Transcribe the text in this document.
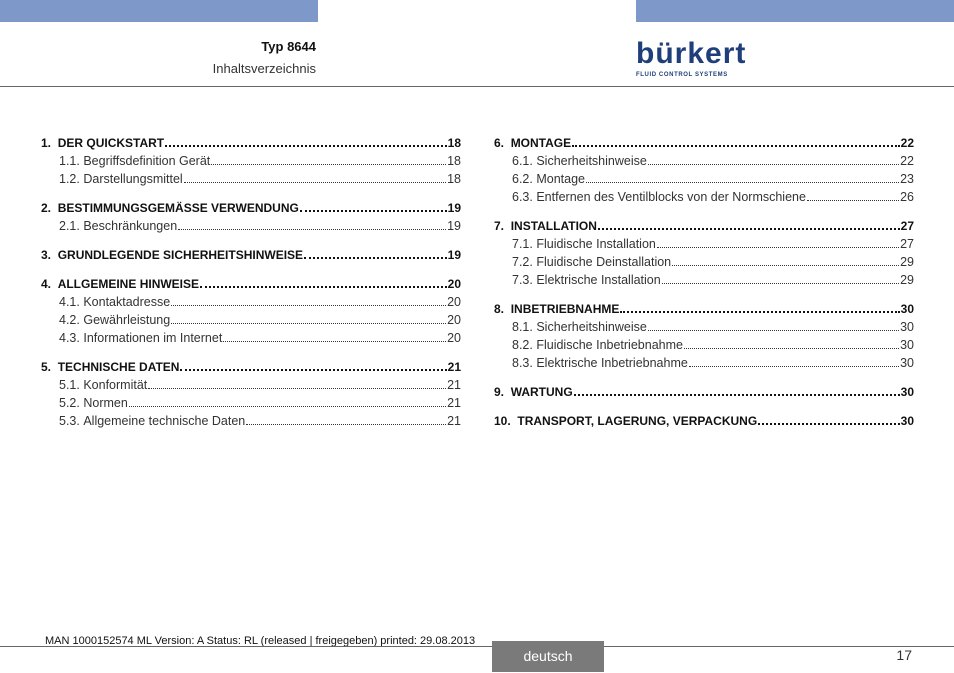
Typ 8644
Inhaltsverzeichnis	bürkert
FLUID CONTROL SYSTEMS
1.
DER QUICKSTART	18
1.1.
Begriffsdefinition Gerät	18
1.2.
Darstellungsmittel	18
2.
BESTIMMUNGSGEMÄSSE VERWENDUNG	19
2.1.
Beschränkungen	19
3.
GRUNDLEGENDE SICHERHEITSHINWEISE	19
4.
ALLGEMEINE HINWEISE	20
4.1.
Kontaktadresse	20
4.2.
Gewährleistung	20
4.3.
Informationen im Internet	20
5.
TECHNISCHE DATEN	21
5.1.
Konformität	21
5.2.
Normen	21
5.3.
Allgemeine technische Daten	21
6.
MONTAGE	22
6.1.
Sicherheitshinweise	22
6.2.
Montage	23
6.3.
Entfernen des Ventilblocks von der Normschiene	26
7.
INSTALLATION	27
7.1.
Fluidische Installation	27
7.2.
Fluidische Deinstallation	29
7.3.
Elektrische Installation	29
8.
INBETRIEBNAHME	30
8.1.
Sicherheitshinweise	30
8.2.
Fluidische Inbetriebnahme	30
8.3.
Elektrische Inbetriebnahme	30
9.
WARTUNG	30
10.
TRANSPORT, LAGERUNG, VERPACKUNG	30
MAN 1000152574 ML Version: A Status: RL (released | freigegeben) printed: 29.08.2013
deutsch	17
